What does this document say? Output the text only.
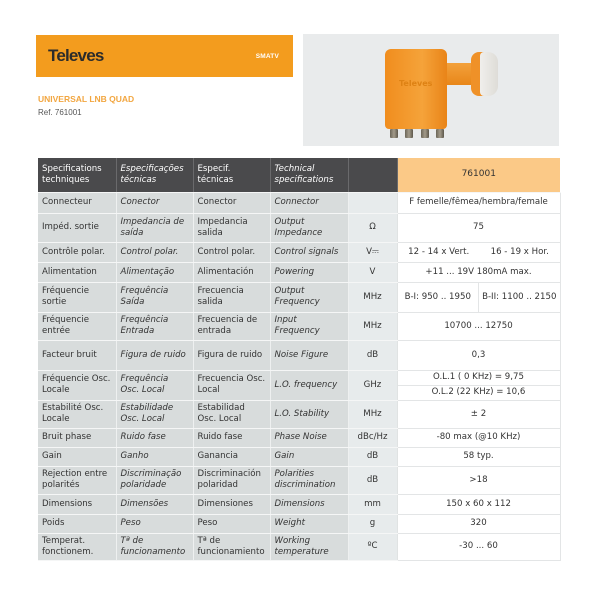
Televes	SMATV
UNIVERSAL LNB QUAD
Ref. 761001
Televes
Specifications techniques	Especificações técnicas	Especif. técnicas	Technical specifications		761001
Connecteur	Conector	Conector	Connector		F femelle/fêmea/hembra/female
Impéd. sortie	Impedancia de saída	Impedancia salida	Output Impedance	Ω	75
Contrôle polar.	Control polar.	Control polar.	Control signals	V⎓	12 - 14 x Vert. 16 - 19 x Hor.

Alimentation	Alimentação	Alimentación	Powering	V	+11 ... 19V 180mA max.
Fréquencie sortie	Frequência Saída	Frecuencia salida	Output Frequency	MHz	B-I: 950 .. 1950 B-II: 1100 .. 2150

Fréquencie entrée	Frequência Entrada	Frecuencia de entrada	Input Frequency	MHz	10700 ... 12750
Facteur bruit	Figura de ruido	Figura de ruido	Noise Figure	dB	0,3
Fréquencie Osc. Locale	Frequência Osc. Local	Frecuencia Osc. Local	L.O. frequency	GHz	O.L.1 ( 0 KHz) = 9,75
O.L.2 (22 KHz) = 10,6

Estabilité Osc. Locale	Estabilidade Osc. Local	Estabilidad Osc. Local	L.O. Stability	MHz	± 2
Bruit phase	Ruido fase	Ruido fase	Phase Noise	dBc/Hz	-80 max (@10 KHz)
Gain	Ganho	Ganancia	Gain	dB	58 typ.
Rejection entre polarités	Discriminação polaridade	Discriminación polaridad	Polarities discrimination	dB	>18
Dimensions	Dimensões	Dimensiones	Dimensions	mm	150 x 60 x 112
Poids	Peso	Peso	Weight	g	320
Temperat. fonctionem.	Tª de funcionamento	Tª de funcionamiento	Working temperature	ºC	-30 ... 60
